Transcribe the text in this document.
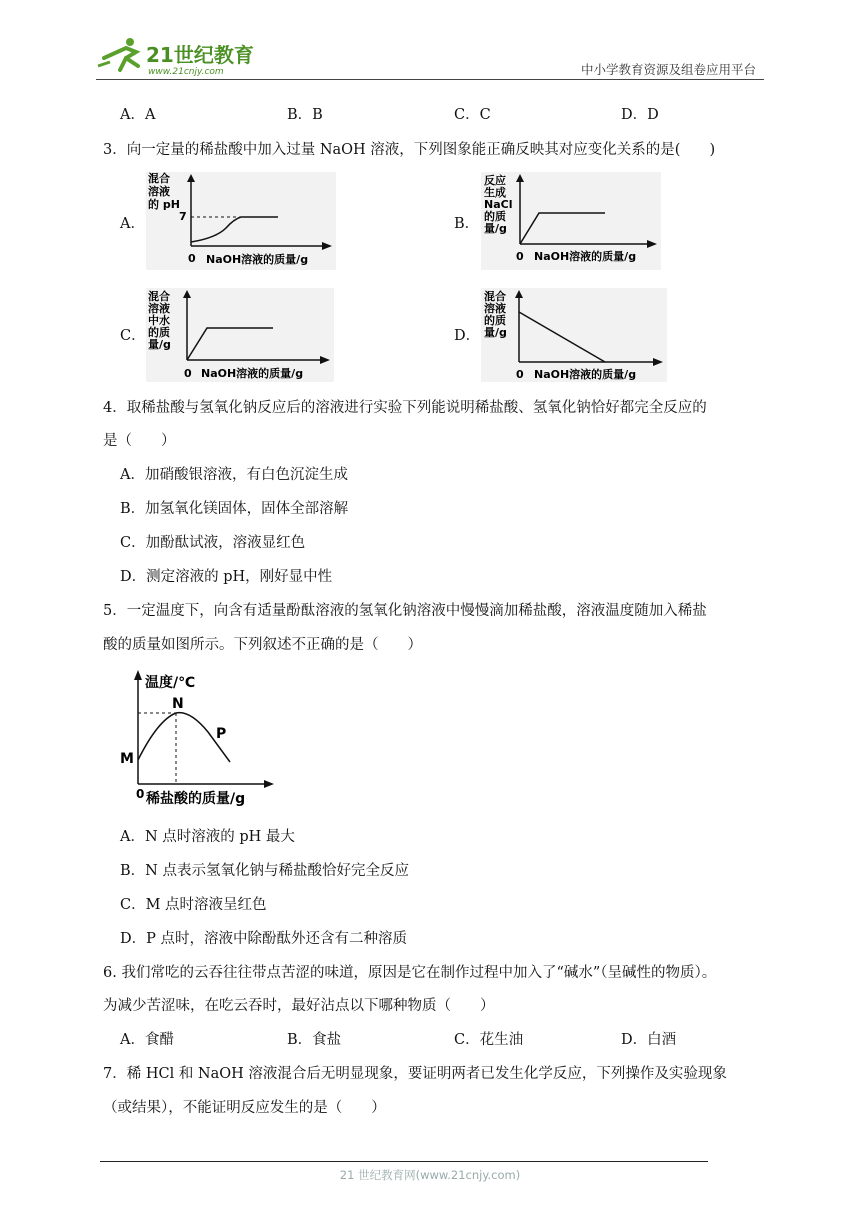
21世纪教育
www.21cnjy.com	中小学教育资源及组卷应用平台
A．A	B．B	C．C	D．D
3．向一定量的稀盐酸中加入过量 NaOH 溶液，下列图象能正确反映其对应变化关系的是(　　)
A．
混合
溶液
的 pH
7
0 NaOH溶液的质量/g
B．
反应
生成
NaCl
的质
量/g
0 NaOH溶液的质量/g
C．
混合
溶液
中水
的质
量/g
0 NaOH溶液的质量/g
D．
混合
溶液
的质
量/g
0 NaOH溶液的质量/g
4．取稀盐酸与氢氧化钠反应后的溶液进行实验下列能说明稀盐酸、氢氧化钠恰好都完全反应的
是（　　）
A．加硝酸银溶液，有白色沉淀生成
B．加氢氧化镁固体，固体全部溶解
C．加酚酞试液，溶液显红色
D．测定溶液的 pH，刚好显中性
5．一定温度下，向含有适量酚酞溶液的氢氧化钠溶液中慢慢滴加稀盐酸，溶液温度随加入稀盐
酸的质量如图所示。下列叙述不正确的是（　　）
温度/℃
M
N
P
0 稀盐酸的质量/g
A．N 点时溶液的 pH 最大
B．N 点表示氢氧化钠与稀盐酸恰好完全反应
C．M 点时溶液呈红色
D．P 点时，溶液中除酚酞外还含有二种溶质
6. 我们常吃的云吞往往带点苦涩的味道，原因是它在制作过程中加入了“碱水”（呈碱性的物质）。
为减少苦涩味，在吃云吞时，最好沾点以下哪种物质（　　）
A．食醋	B．食盐	C．花生油	D．白酒
7．稀 HCl 和 NaOH 溶液混合后无明显现象，要证明两者已发生化学反应，下列操作及实验现象
（或结果），不能证明反应发生的是（　　）
21 世纪教育网(www.21cnjy.com)
